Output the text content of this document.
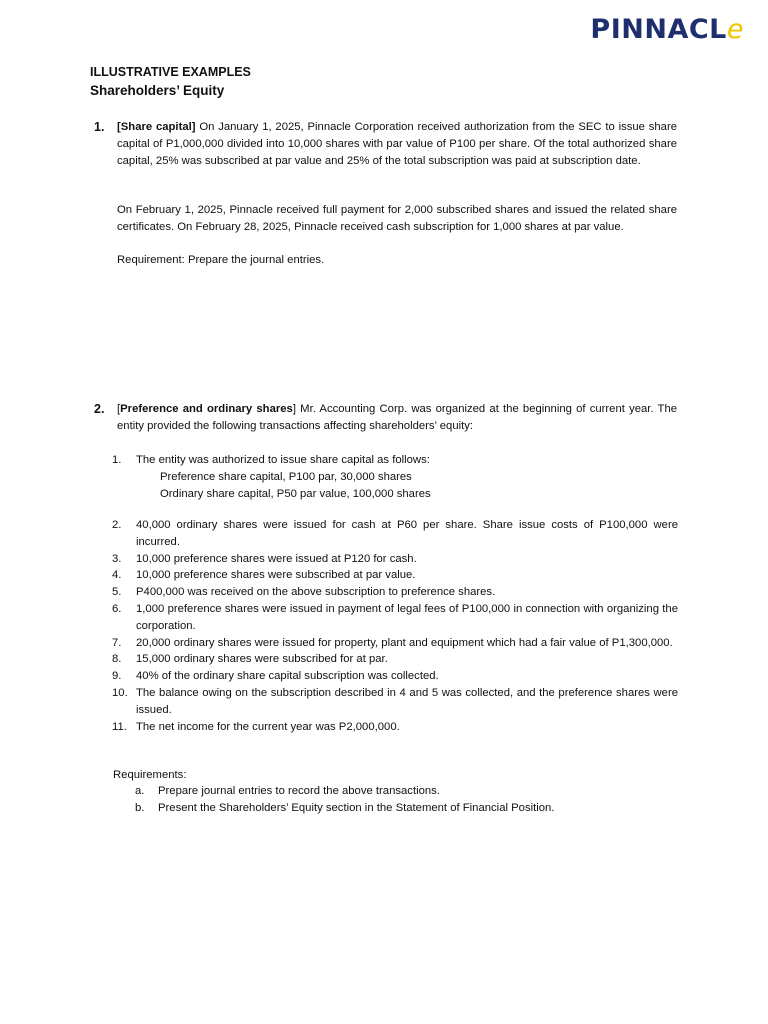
PINNACLe
ILLUSTRATIVE EXAMPLES
Shareholders’ Equity
1. [Share capital] On January 1, 2025, Pinnacle Corporation received authorization from the SEC to issue share capital of P1,000,000 divided into 10,000 shares with par value of P100 per share. Of the total authorized share capital, 25% was subscribed at par value and 25% of the total subscription was paid at subscription date.
On February 1, 2025, Pinnacle received full payment for 2,000 subscribed shares and issued the related share certificates. On February 28, 2025, Pinnacle received cash subscription for 1,000 shares at par value.
Requirement: Prepare the journal entries.
2. [Preference and ordinary shares] Mr. Accounting Corp. was organized at the beginning of current year. The entity provided the following transactions affecting shareholders’ equity:
1. The entity was authorized to issue share capital as follows:
Preference share capital, P100 par, 30,000 shares
Ordinary share capital, P50 par value, 100,000 shares
2. 40,000 ordinary shares were issued for cash at P60 per share. Share issue costs of P100,000 were incurred.
3. 10,000 preference shares were issued at P120 for cash.
4. 10,000 preference shares were subscribed at par value.
5. P400,000 was received on the above subscription to preference shares.
6. 1,000 preference shares were issued in payment of legal fees of P100,000 in connection with organizing the corporation.
7. 20,000 ordinary shares were issued for property, plant and equipment which had a fair value of P1,300,000.
8. 15,000 ordinary shares were subscribed for at par.
9. 40% of the ordinary share capital subscription was collected.
10. The balance owing on the subscription described in 4 and 5 was collected, and the preference shares were issued.
11. The net income for the current year was P2,000,000.
Requirements:
a. Prepare journal entries to record the above transactions.
b. Present the Shareholders’ Equity section in the Statement of Financial Position.
